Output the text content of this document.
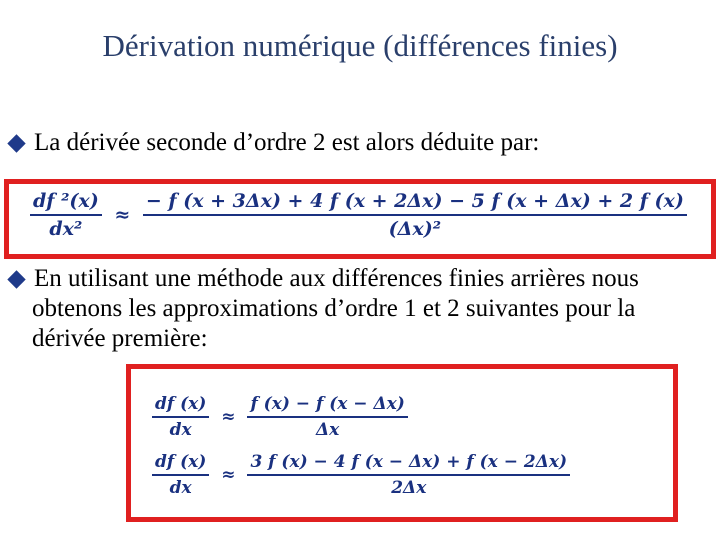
Dérivation numérique (différences finies)
La dérivée seconde d’ordre 2 est alors déduite par:
$\frac{\text{df ²(x)}}{\text{dx²}} \approx \frac{- f (x + 3\Delta x) + 4 f (x + 2\Delta x) - 5 f (x + \Delta x) + 2 f (x)}{\text{(Δx)²}}$
En utilisant une méthode aux différences finies arrières nous
obtenons les approximations d’ordre 1 et 2 suivantes pour la
dérivée première:
$\frac{df (x)}{dx} \approx \frac{f (x) - f (x - \Delta x)}{\Delta x}$
$\frac{df (x)}{dx} \approx \frac{3 f (x) - 4 f (x - \Delta x) + f (x - 2\Delta x)}{2\Delta x}$
